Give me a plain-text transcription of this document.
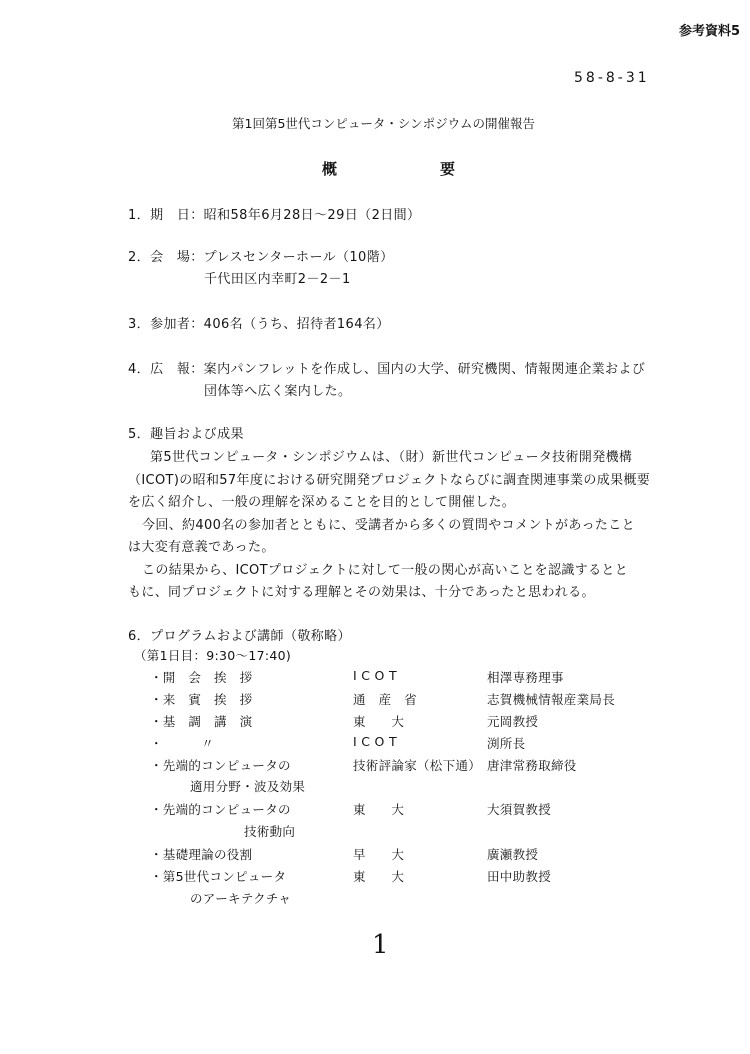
参考資料5
58-8-31
第1回第5世代コンピュータ・シンポジウムの開催報告
概	要
1．期　日：昭和58年6月28日～29日（2日間）
2．会　場：プレスセンターホール（10階）
千代田区内幸町2－2－1
3．参加者：406名（うち、招待者164名）
4．広　報：案内パンフレットを作成し、国内の大学、研究機関、情報関連企業および
団体等へ広く案内した。
5．趣旨および成果
第5世代コンピュータ・シンポジウムは、（財）新世代コンピュータ技術開発機構
（ICOT)の昭和57年度における研究開発プロジェクトならびに調査関連事業の成果概要
を広く紹介し、一般の理解を深めることを目的として開催した。
今回、約400名の参加者とともに、受講者から多くの質問やコメントがあったこと
は大変有意義であった。
この結果から、ICOTプロジェクトに対して一般の関心が高いことを認識するとと
もに、同プロジェクトに対する理解とその効果は、十分であったと思われる。
6．プログラムおよび講師（敬称略）
（第1日目：9:30～17:40)
・開　会　挨　拶	I C O T	相澤専務理事
・来　賓　挨　拶	通　産　省	志賀機械情報産業局長
・基　調　講　演	東　　大	元岡教授
・　　　〃	I C O T	渕所長
・先端的コンピュータの
適用分野・波及効果
技術評論家（松下通） 唐津常務取締役
・先端的コンピュータの
技術動向
東　　大	大須賀教授
・基礎理論の役割	早　　大	廣瀬教授
・第5世代コンピュータ
のアーキテクチャ
東　　大	田中助教授
1
